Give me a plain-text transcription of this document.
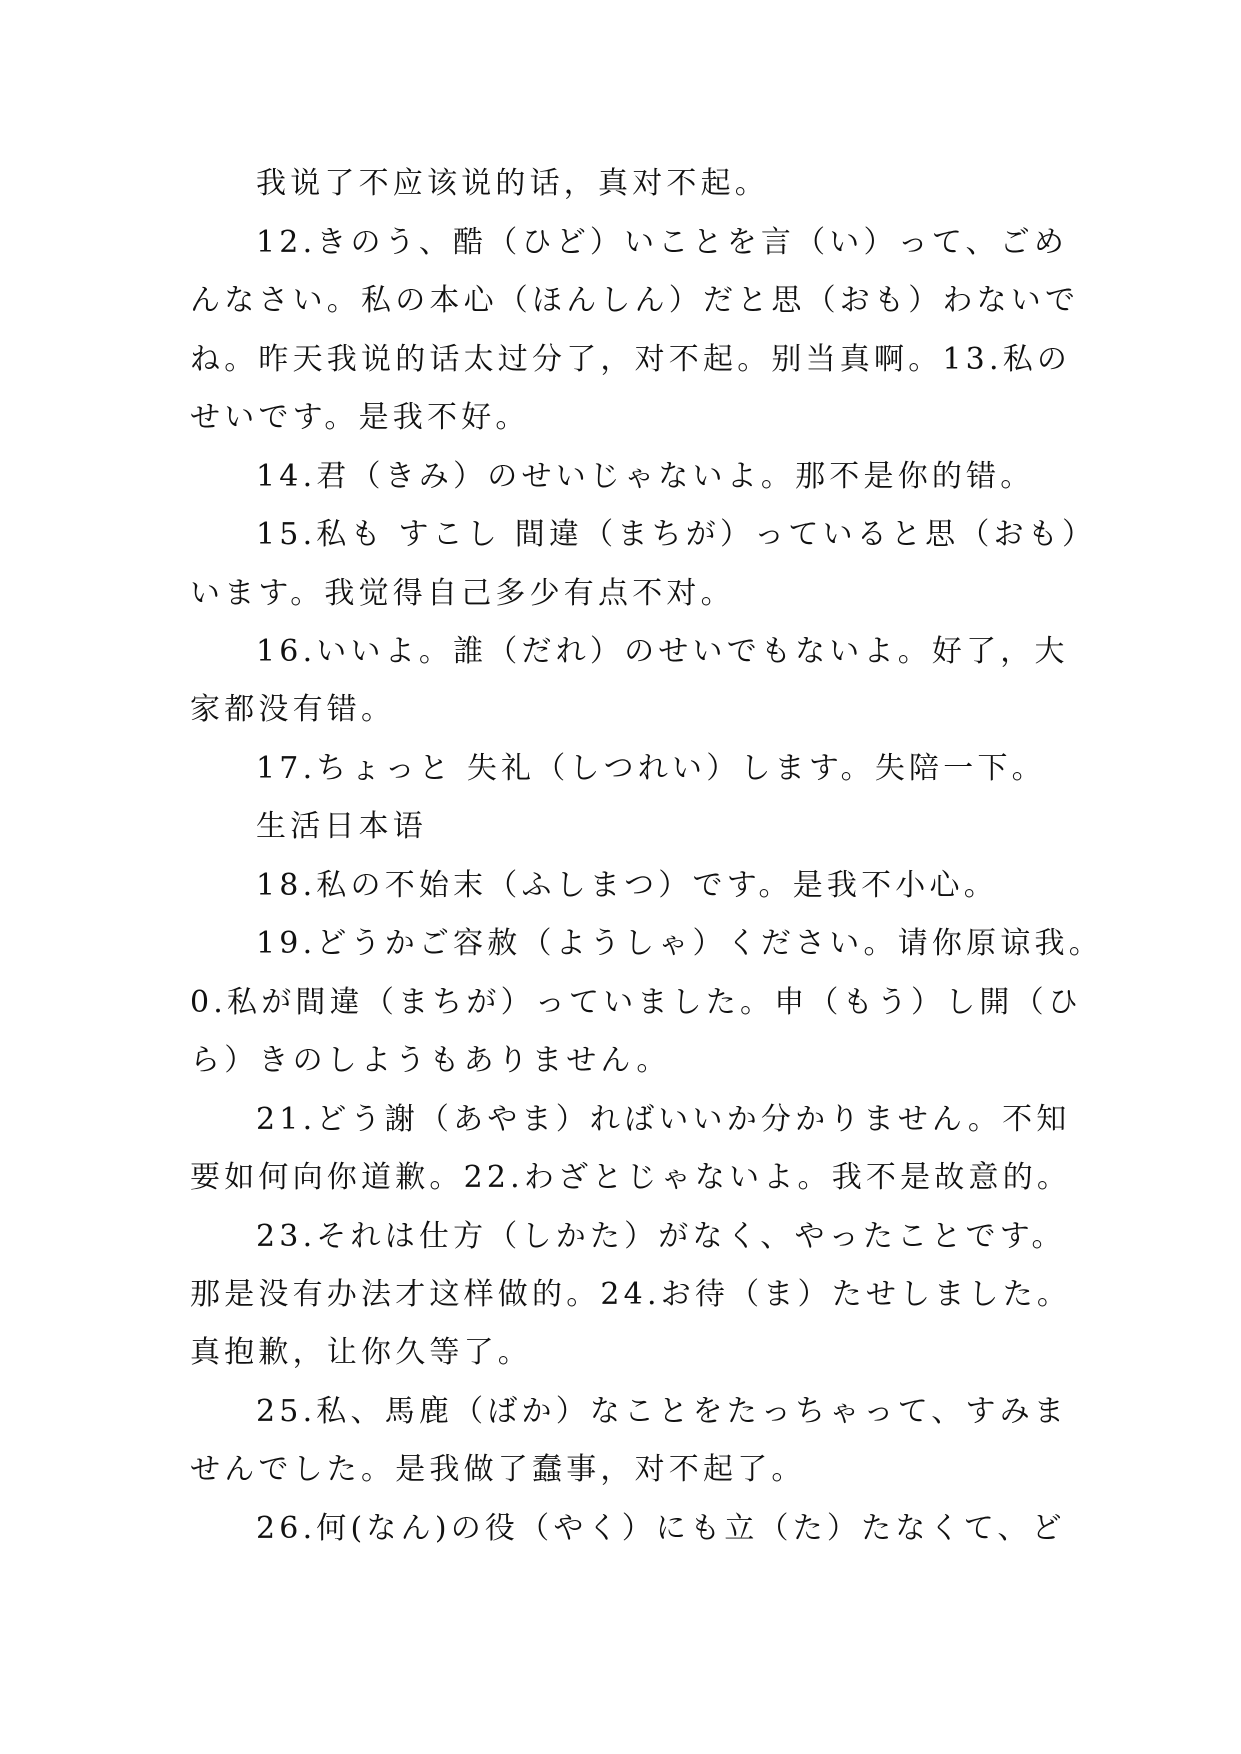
我说了不应该说的话，真对不起。
12.きのう、酷（ひど）いことを言（い）って、ごめ
んなさい。私の本心（ほんしん）だと思（おも）わないで
ね。昨天我说的话太过分了，对不起。别当真啊。13.私の
せいです。是我不好。
14.君（きみ）のせいじゃないよ。那不是你的错。
15.私も すこし 間違（まちが）っていると思（おも）
います。我觉得自己多少有点不对。
16.いいよ。誰（だれ）のせいでもないよ。好了，大
家都没有错。
17.ちょっと 失礼（しつれい）します。失陪一下。
生活日本语
18.私の不始末（ふしまつ）です。是我不小心。
19.どうかご容赦（ようしゃ）ください。请你原谅我。
0.私が間違（まちが）っていました。申（もう）し開（ひ
ら）きのしようもありません。
21.どう謝（あやま）ればいいか分かりません。不知
要如何向你道歉。22.わざとじゃないよ。我不是故意的。
23.それは仕方（しかた）がなく、やったことです。
那是没有办法才这样做的。24.お待（ま）たせしました。
真抱歉，让你久等了。
25.私、馬鹿（ばか）なことをたっちゃって、すみま
せんでした。是我做了蠢事，对不起了。
26.何(なん)の役（やく）にも立（た）たなくて、ど
